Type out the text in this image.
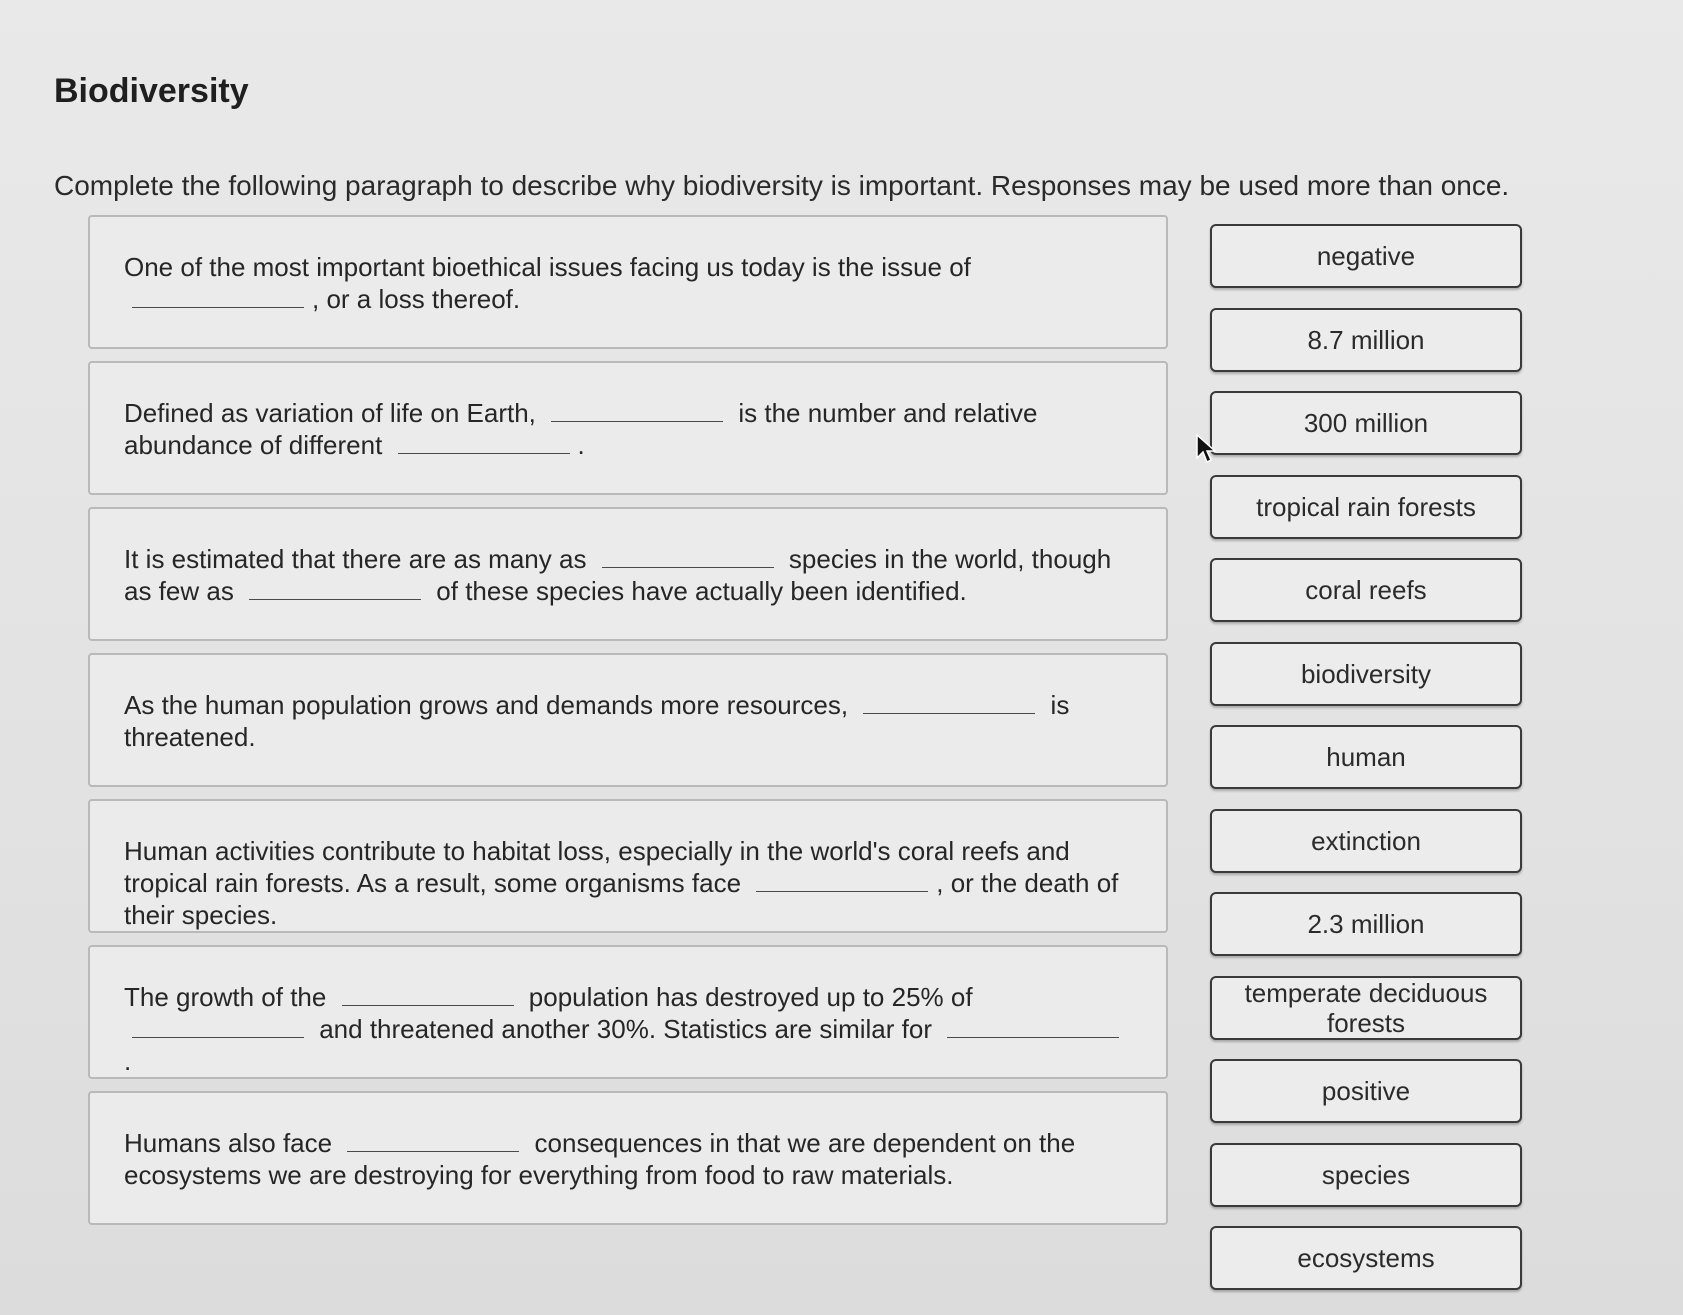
Biodiversity
Complete the following paragraph to describe why biodiversity is important. Responses may be used more than once.
One of the most important bioethical issues facing us today is the issue of , or a loss thereof.
Defined as variation of life on Earth,	is the number and relative abundance of different	.
It is estimated that there are as many as	species in the world, though as few as	of these species have actually been identified.
As the human population grows and demands more resources,	is threatened.
Human activities contribute to habitat loss, especially in the world's coral reefs and tropical rain forests. As a result, some organisms face	, or the death of their species.
The growth of the	population has destroyed up to 25% of  and threatened another 30%. Statistics are similar for .
Humans also face	consequences in that we are dependent on the ecosystems we are destroying for everything from food to raw materials.
negative
8.7 million
300 million
tropical rain forests
coral reefs
biodiversity
human
extinction
2.3 million
temperate deciduous forests
positive
species
ecosystems
